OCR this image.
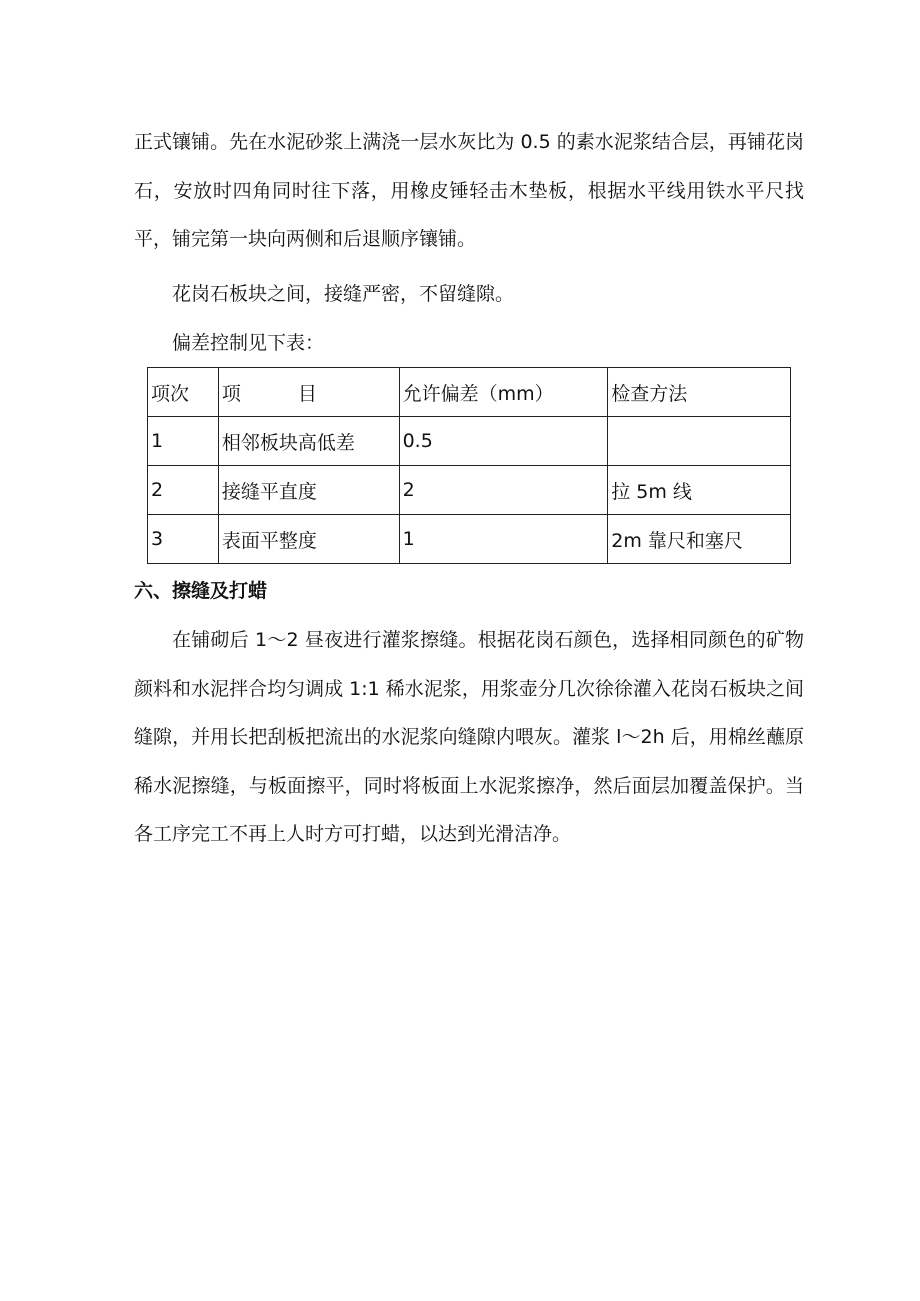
正式镶铺。先在水泥砂浆上满浇一层水灰比为 0.5 的素水泥浆结合层，再铺花岗石，安放时四角同时往下落，用橡皮锤轻击木垫板，根据水平线用铁水平尺找平，铺完第一块向两侧和后退顺序镶铺。

花岗石板块之间，接缝严密，不留缝隙。

偏差控制见下表：

项次	项　　　目	允许偏差（mm）	检查方法
1	相邻板块高低差	0.5	
2	接缝平直度	2	拉 5m 线
3	表面平整度	1	2m 靠尺和塞尺
六、擦缝及打蜡

在铺砌后 1～2 昼夜进行灌浆擦缝。根据花岗石颜色，选择相同颜色的矿物颜料和水泥拌合均匀调成 1:1 稀水泥浆，用浆壶分几次徐徐灌入花岗石板块之间缝隙，并用长把刮板把流出的水泥浆向缝隙内喂灰。灌浆 l～2h 后，用棉丝蘸原稀水泥擦缝，与板面擦平，同时将板面上水泥浆擦净，然后面层加覆盖保护。当各工序完工不再上人时方可打蜡，以达到光滑洁净。
